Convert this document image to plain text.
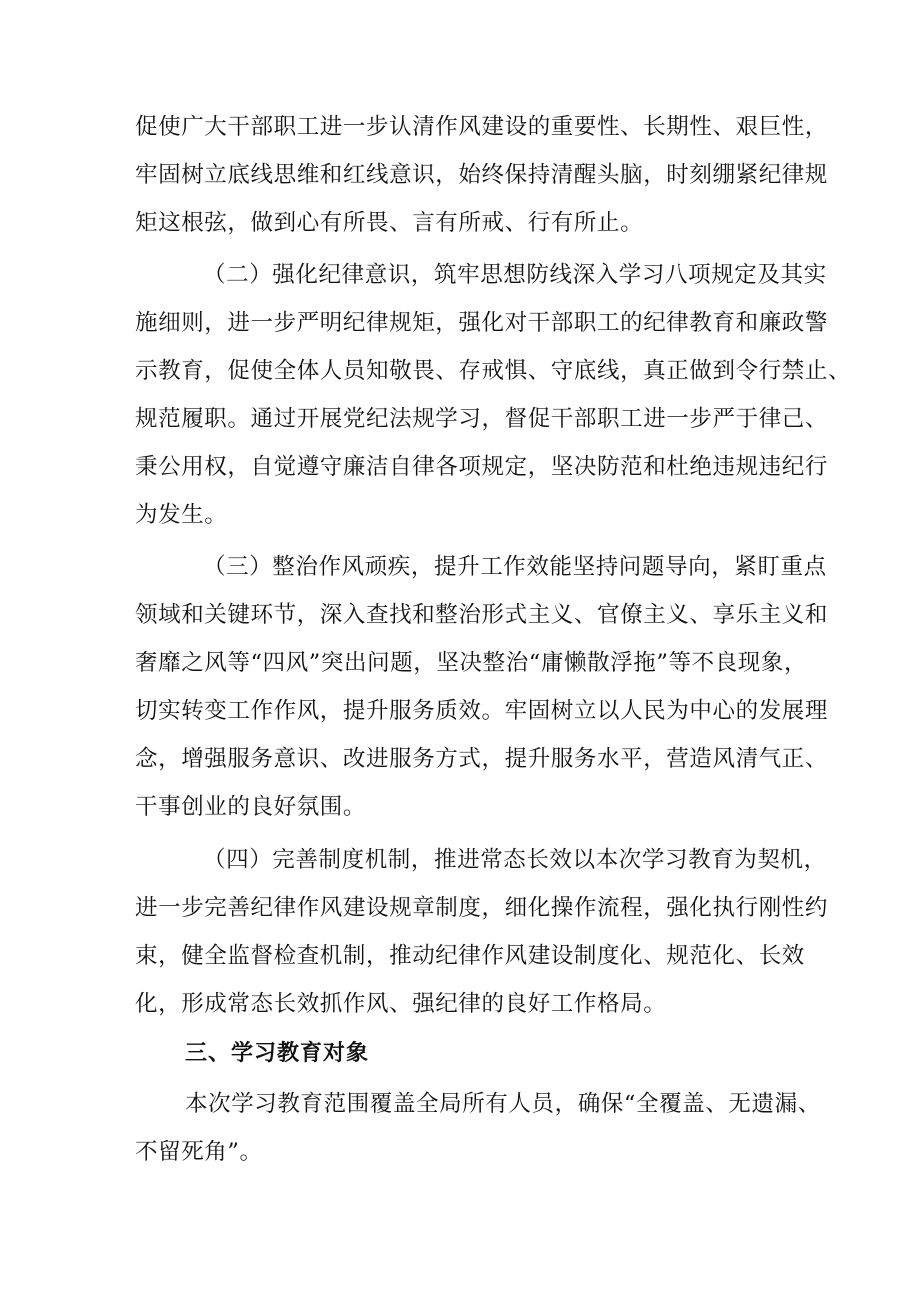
促使广大干部职工进一步认清作风建设的重要性、长期性、艰巨性，
牢固树立底线思维和红线意识，始终保持清醒头脑，时刻绷紧纪律规
矩这根弦，做到心有所畏、言有所戒、行有所止。

（二）强化纪律意识，筑牢思想防线深入学习八项规定及其实
施细则，进一步严明纪律规矩，强化对干部职工的纪律教育和廉政警
示教育，促使全体人员知敬畏、存戒惧、守底线，真正做到令行禁止、
规范履职。通过开展党纪法规学习，督促干部职工进一步严于律己、
秉公用权，自觉遵守廉洁自律各项规定，坚决防范和杜绝违规违纪行
为发生。

（三）整治作风顽疾，提升工作效能坚持问题导向，紧盯重点
领域和关键环节，深入查找和整治形式主义、官僚主义、享乐主义和
奢靡之风等“四风”突出问题，坚决整治“庸懒散浮拖”等不良现象，
切实转变工作作风，提升服务质效。牢固树立以人民为中心的发展理
念，增强服务意识、改进服务方式，提升服务水平，营造风清气正、
干事创业的良好氛围。

（四）完善制度机制，推进常态长效以本次学习教育为契机，
进一步完善纪律作风建设规章制度，细化操作流程，强化执行刚性约
束，健全监督检查机制，推动纪律作风建设制度化、规范化、长效
化，形成常态长效抓作风、强纪律的良好工作格局。

三、学习教育对象

本次学习教育范围覆盖全局所有人员，确保“全覆盖、无遗漏、
不留死角”。
